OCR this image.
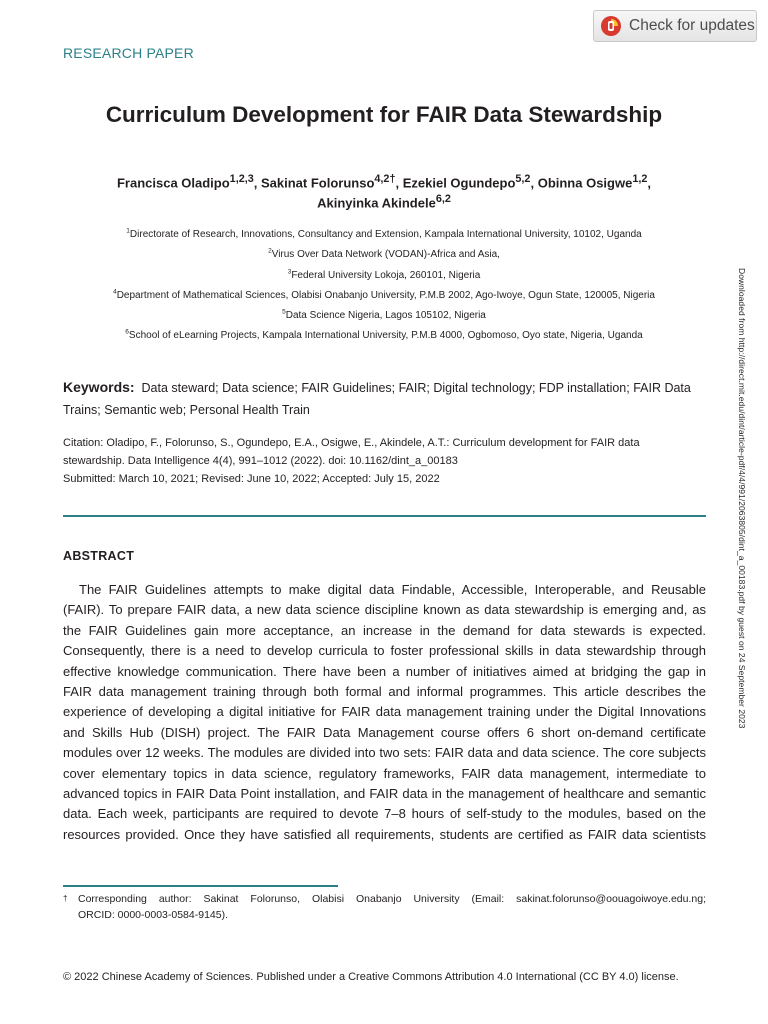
Check for updates
RESEARCH PAPER
Curriculum Development for FAIR Data Stewardship
Francisca Oladipo$^{1,2,3}$, Sakinat Folorunso$^{4,2\dagger}$, Ezekiel Ogundepo$^{5,2}$, Obinna Osigwe$^{1,2}$,
Akinyinka Akindele$^{6,2}$
$^1$Directorate of Research, Innovations, Consultancy and Extension, Kampala International University, 10102, Uganda
$^2$Virus Over Data Network (VODAN)-Africa and Asia,
$^3$Federal University Lokoja, 260101, Nigeria
$^4$Department of Mathematical Sciences, Olabisi Onabanjo University, P.M.B 2002, Ago-Iwoye, Ogun State, 120005, Nigeria
$^5$Data Science Nigeria, Lagos 105102, Nigeria
$^6$School of eLearning Projects, Kampala International University, P.M.B 4000, Ogbomoso, Oyo state, Nigeria, Uganda
Keywords: Data steward; Data science; FAIR Guidelines; FAIR; Digital technology; FDP installation; FAIR Data Trains; Semantic web; Personal Health Train
Citation: Oladipo, F., Folorunso, S., Ogundepo, E.A., Osigwe, E., Akindele, A.T.: Curriculum development for FAIR data
stewardship. Data Intelligence 4(4), 991–1012 (2022). doi: 10.1162/dint_a_00183
Submitted: March 10, 2021; Revised: June 10, 2022; Accepted: July 15, 2022
ABSTRACT
The FAIR Guidelines attempts to make digital data Findable, Accessible, Interoperable, and Reusable
(FAIR). To prepare FAIR data, a new data science discipline known as data stewardship is emerging and, as
the FAIR Guidelines gain more acceptance, an increase in the demand for data stewards is expected.
Consequently, there is a need to develop curricula to foster professional skills in data stewardship through
effective knowledge communication. There have been a number of initiatives aimed at bridging the gap in
FAIR data management training through both formal and informal programmes. This article describes the
experience of developing a digital initiative for FAIR data management training under the Digital Innovations
and Skills Hub (DISH) project. The FAIR Data Management course offers 6 short on-demand certificate
modules over 12 weeks. The modules are divided into two sets: FAIR data and data science. The core subjects
cover elementary topics in data science, regulatory frameworks, FAIR data management, intermediate to
advanced topics in FAIR Data Point installation, and FAIR data in the management of healthcare and semantic
data. Each week, participants are required to devote 7–8 hours of self-study to the modules, based on the
resources provided. Once they have satisfied all requirements, students are certified as FAIR data scientists
Downloaded from http://direct.mit.edu/dint/article-pdf/4/4/991/2063805/dint_a_00183.pdf by guest on 24 September 2023
† Corresponding author: Sakinat Folorunso, Olabisi Onabanjo University (Email: sakinat.folorunso@oouagoiwoye.edu.ng;
ORCID: 0000-0003-0584-9145).
© 2022 Chinese Academy of Sciences. Published under a Creative Commons Attribution 4.0 International (CC BY 4.0) license.
